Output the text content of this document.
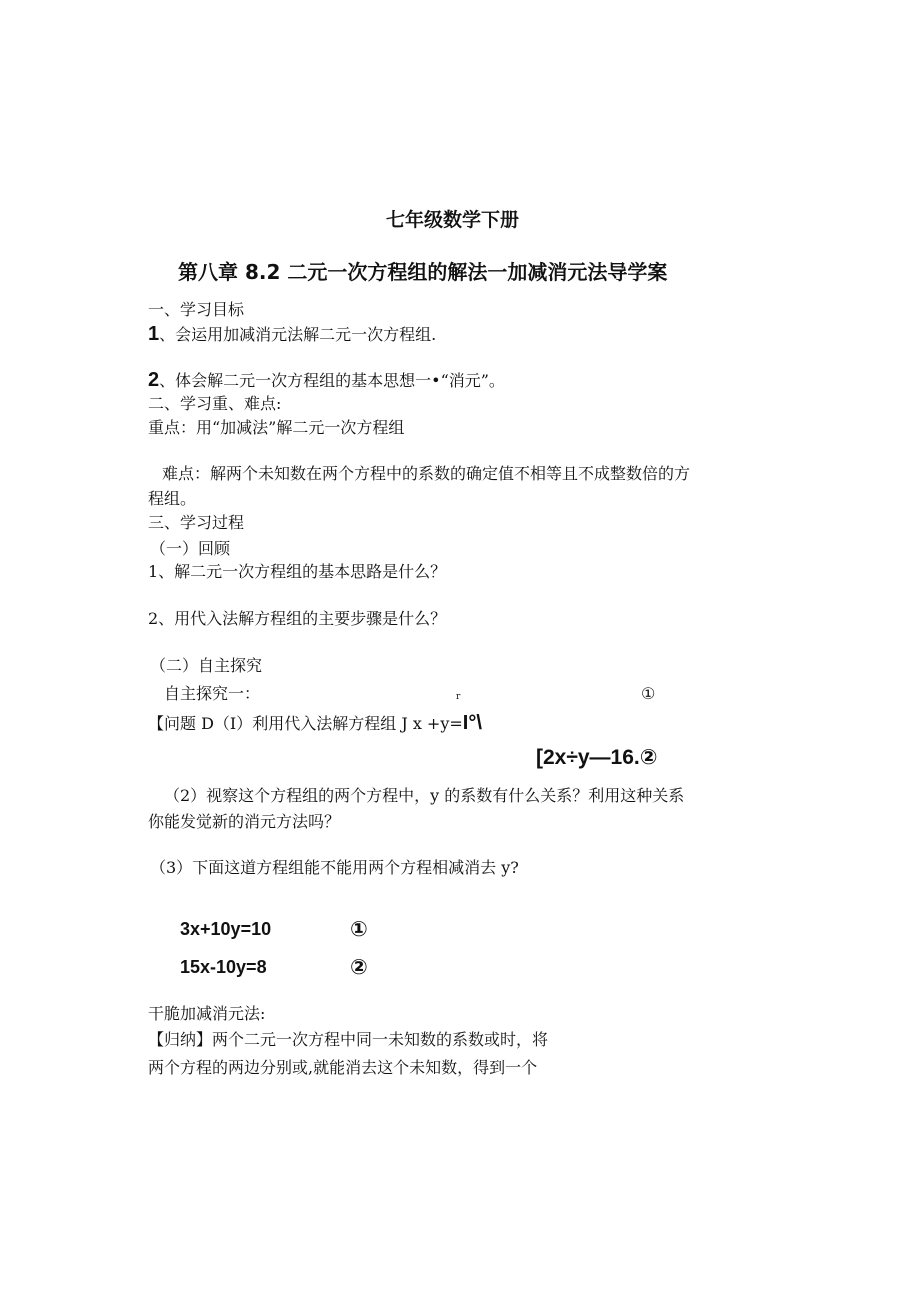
七年级数学下册
第八章 8.2 二元一次方程组的解法一加减消元法导学案
一、学习目标
1、会运用加减消元法解二元一次方程组.
2、体会解二元一次方程组的基本思想一•“消元”。
二、学习重、难点:
重点：用“加减法”解二元一次方程组
难点：解两个未知数在两个方程中的系数的确定值不相等且不成整数倍的方
程组。
三、学习过程
（一）回顾
1、解二元一次方程组的基本思路是什么？
2、用代入法解方程组的主要步骤是什么？
（二）自主探究
自主探究一：	r	①
【问题 D（I）利用代入法解方程组 J x +y=I°\
[2x÷y—16.②
（2）视察这个方程组的两个方程中，y 的系数有什么关系？利用这种关系
你能发觉新的消元方法吗？
（3）下面这道方程组能不能用两个方程相减消去 y?
3x+10y=10	①
15x-10y=8	②
干脆加减消元法:
【归纳】两个二元一次方程中同一未知数的系数或时，将
两个方程的两边分别或,就能消去这个未知数，得到一个
